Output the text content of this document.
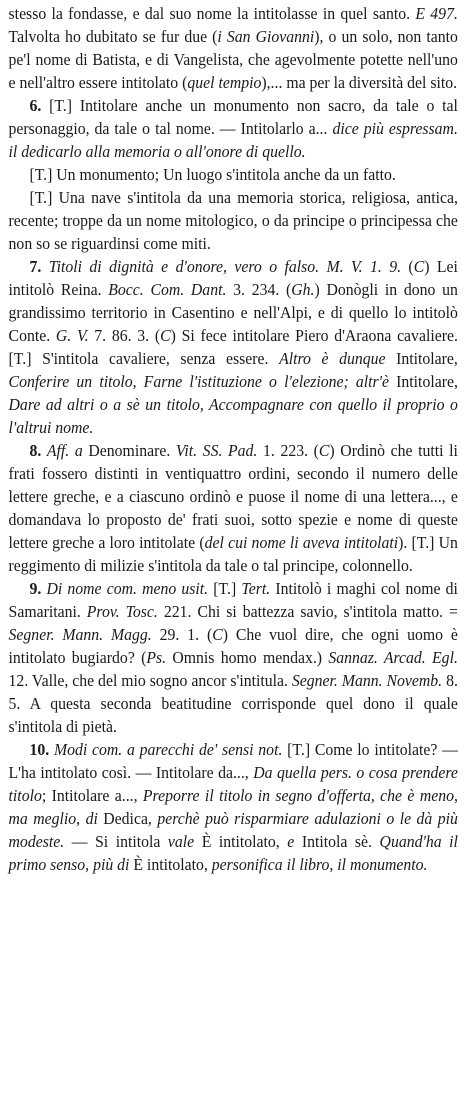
stesso la fondasse, e dal suo nome la intitolasse in quel santo. E 497. Talvolta ho dubitato se fur due (i San Giovanni), o un solo, non tanto pe'l nome di Batista, e di Vangelista, che agevolmente potette nell'uno e nell'altro essere intitolato (quel tempio),... ma per la diversità del sito.

6. [T.] Intitolare anche un monumento non sacro, da tale o tal personaggio, da tale o tal nome. — Intitolarlo a... dice più espressam. il dedicarlo alla memoria o all'onore di quello.

[T.] Un monumento; Un luogo s'intitola anche da un fatto.

[T.] Una nave s'intitola da una memoria storica, religiosa, antica, recente; troppe da un nome mitologico, o da principe o principessa che non so se riguardinsi come miti.

7. Titoli di dignità e d'onore, vero o falso. M. V. 1. 9. (C) Lei intitolò Reina. Bocc. Com. Dant. 3. 234. (Gh.) Donògli in dono un grandissimo territorio in Casentino e nell'Alpi, e di quello lo intitolò Conte. G. V. 7. 86. 3. (C) Si fece intitolare Piero d'Araona cavaliere. [T.] S'intitola cavaliere, senza essere. Altro è dunque Intitolare, Conferire un titolo, Farne l'istituzione o l'elezione; altr'è Intitolare, Dare ad altri o a sè un titolo, Accompagnare con quello il proprio o l'altrui nome.

8. Aff. a Denominare. Vit. SS. Pad. 1. 223. (C) Ordinò che tutti li frati fossero distinti in ventiquattro ordini, secondo il numero delle lettere greche, e a ciascuno ordinò e puose il nome di una lettera..., e domandava lo proposto de' frati suoi, sotto spezie e nome di queste lettere greche a loro intitolate (del cui nome li aveva intitolati). [T.] Un reggimento di milizie s'intitola da tale o tal principe, colonnello.

9. Di nome com. meno usit. [T.] Tert. Intitolò i maghi col nome di Samaritani. Prov. Tosc. 221. Chi si battezza savio, s'intitola matto. = Segner. Mann. Magg. 29. 1. (C) Che vuol dire, che ogni uomo è intitolato bugiardo? (Ps. Omnis homo mendax.) Sannaz. Arcad. Egl. 12. Valle, che del mio sogno ancor s'intitula. Segner. Mann. Novemb. 8. 5. A questa seconda beatitudine corrisponde quel dono il quale s'intitola di pietà.

10. Modi com. a parecchi de' sensi not. [T.] Come lo intitolate? — L'ha intitolato così. — Intitolare da..., Da quella pers. o cosa prendere titolo; Intitolare a..., Preporre il titolo in segno d'offerta, che è meno, ma meglio, di Dedica, perchè può risparmiare adulazioni o le dà più modeste. — Si intitola vale È intitolato, e Intitola sè. Quand'ha il primo senso, più di È intitolato, personifica il libro, il monumento.
